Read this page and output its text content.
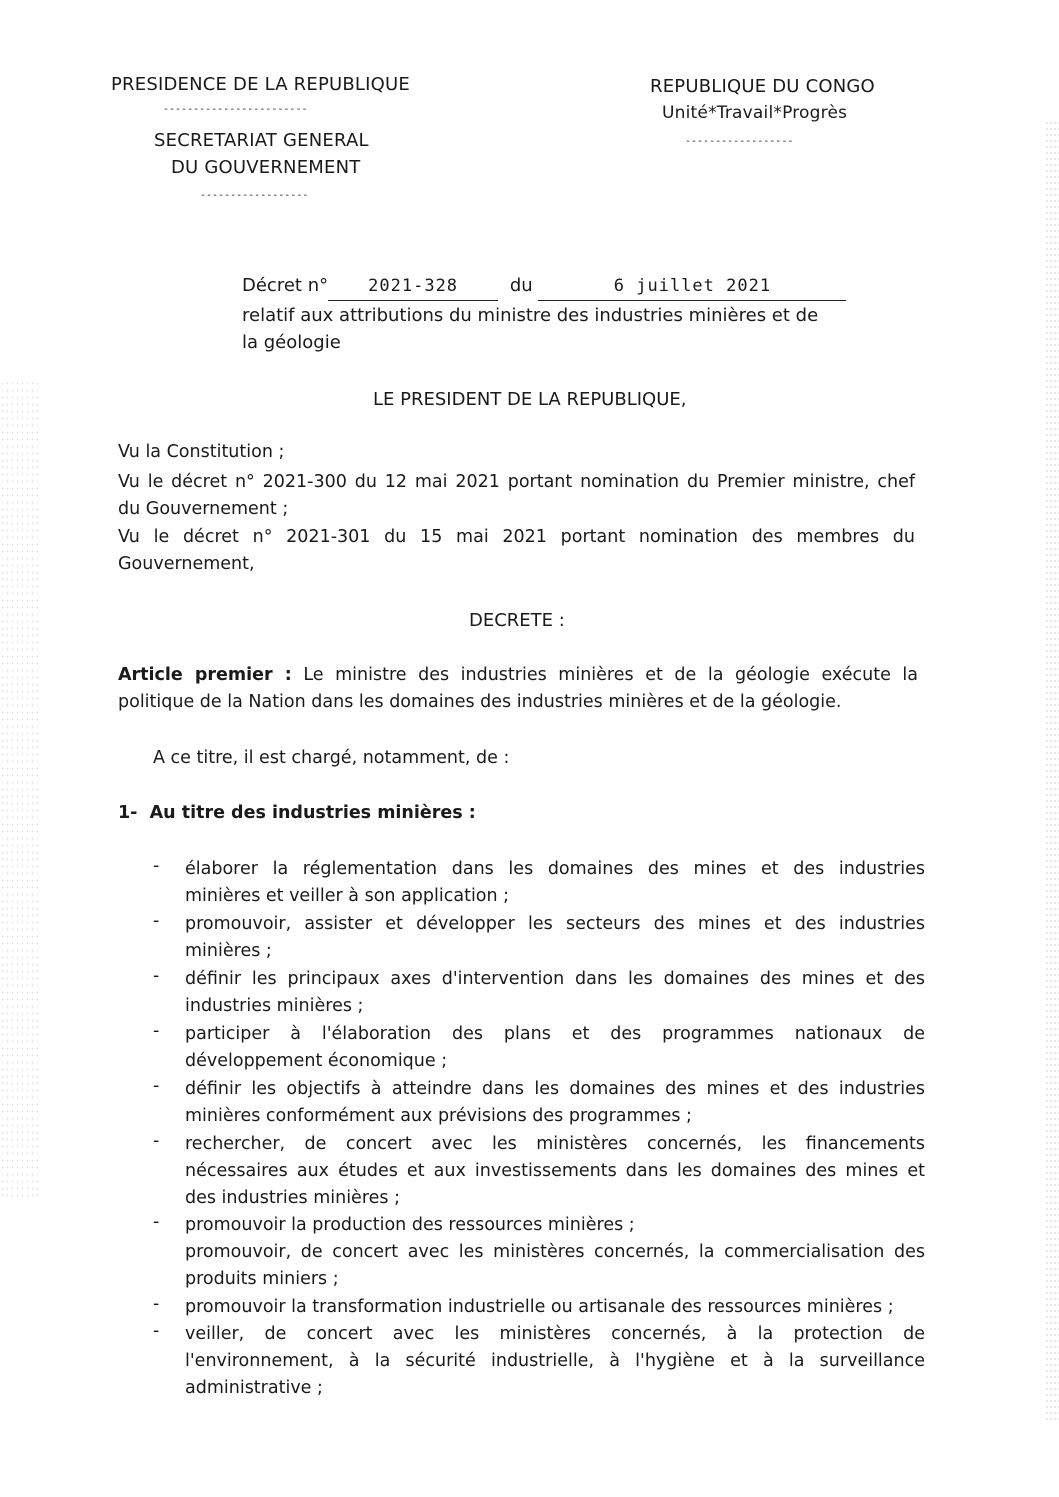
PRESIDENCE DE LA REPUBLIQUE
------------------------
SECRETARIAT GENERAL
DU GOUVERNEMENT
------------------
REPUBLIQUE DU CONGO
Unité*Travail*Progrès
------------------
Décret n° 2021-328	du	6 juillet 2021
relatif aux attributions du ministre des industries minières et de
la géologie
LE PRESIDENT DE LA REPUBLIQUE,
Vu la Constitution ;
Vu le décret n° 2021-300 du 12 mai 2021 portant nomination du Premier ministre, chef
du Gouvernement ;
Vu le décret n° 2021-301 du 15 mai 2021 portant nomination des membres du
Gouvernement,
DECRETE :
Article premier : Le ministre des industries minières et de la géologie exécute la
politique de la Nation dans les domaines des industries minières et de la géologie.
A ce titre, il est chargé, notamment, de :
1- Au titre des industries minières :
- élaborer la réglementation dans les domaines des mines et des industries
minières et veiller à son application ;
- promouvoir, assister et développer les secteurs des mines et des industries
minières ;
- définir les principaux axes d'intervention dans les domaines des mines et des
industries minières ;
- participer à l'élaboration des plans et des programmes nationaux de
développement économique ;
- définir les objectifs à atteindre dans les domaines des mines et des industries
minières conformément aux prévisions des programmes ;
- rechercher, de concert avec les ministères concernés, les financements
nécessaires aux études et aux investissements dans les domaines des mines et
des industries minières ;
- promouvoir la production des ressources minières ;
promouvoir, de concert avec les ministères concernés, la commercialisation des
produits miniers ;
- promouvoir la transformation industrielle ou artisanale des ressources minières ;
- veiller, de concert avec les ministères concernés, à la protection de
l'environnement, à la sécurité industrielle, à l'hygiène et à la surveillance
administrative ;
